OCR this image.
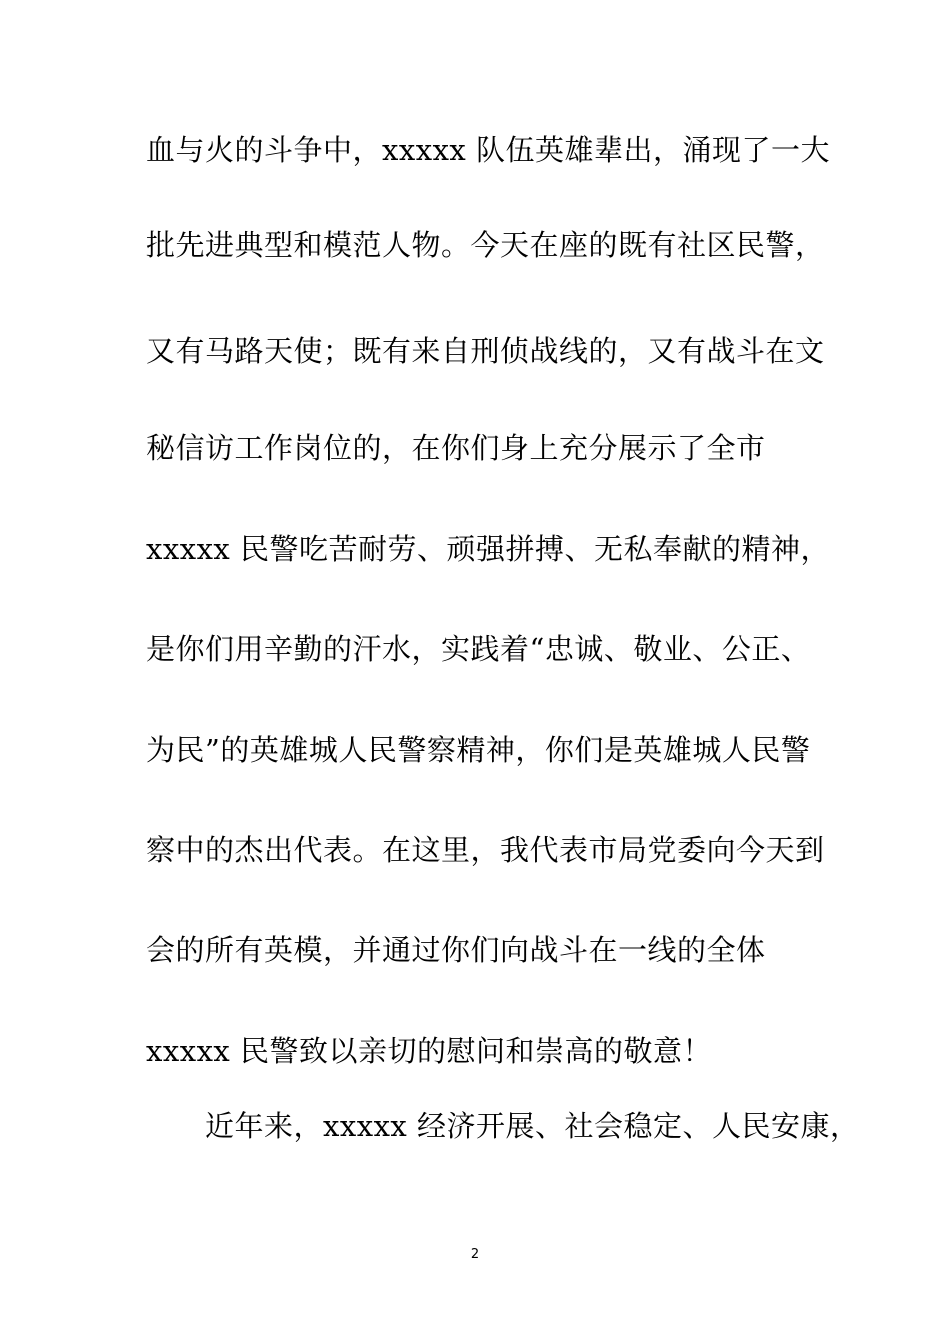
血与火的斗争中，xxxxx 队伍英雄辈出，涌现了一大
批先进典型和模范人物。今天在座的既有社区民警，
又有马路天使；既有来自刑侦战线的，又有战斗在文
秘信访工作岗位的，在你们身上充分展示了全市
xxxxx 民警吃苦耐劳、顽强拼搏、无私奉献的精神，
是你们用辛勤的汗水，实践着“忠诚、敬业、公正、
为民”的英雄城人民警察精神，你们是英雄城人民警
察中的杰出代表。在这里，我代表市局党委向今天到
会的所有英模，并通过你们向战斗在一线的全体
xxxxx 民警致以亲切的慰问和崇高的敬意！
近年来，xxxxx 经济开展、社会稳定、人民安康，
2
